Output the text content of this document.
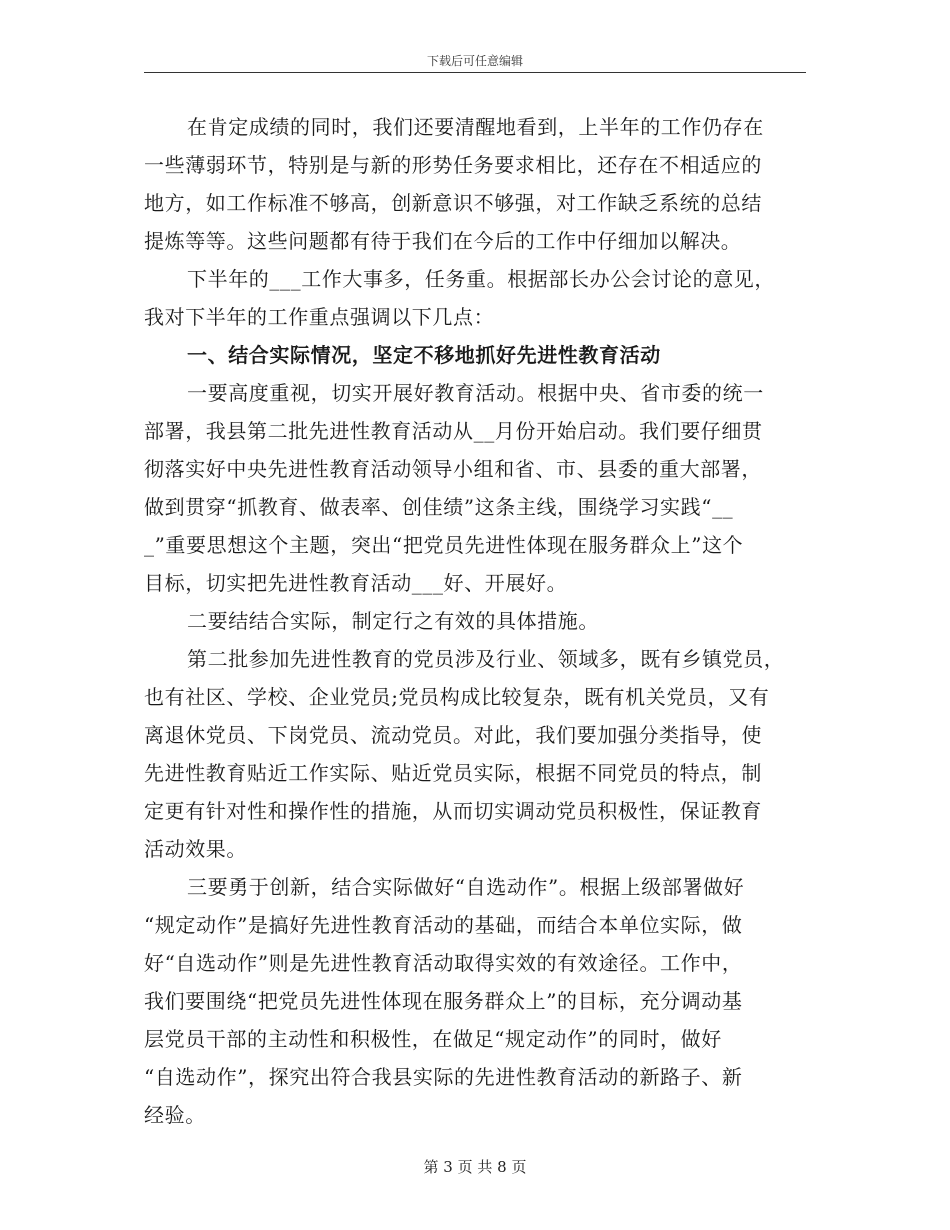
下载后可任意编辑
在肯定成绩的同时，我们还要清醒地看到，上半年的工作仍存在
一些薄弱环节，特别是与新的形势任务要求相比，还存在不相适应的
地方，如工作标准不够高，创新意识不够强，对工作缺乏系统的总结
提炼等等。这些问题都有待于我们在今后的工作中仔细加以解决。
下半年的___工作大事多，任务重。根据部长办公会讨论的意见，
我对下半年的工作重点强调以下几点：
一、结合实际情况，坚定不移地抓好先进性教育活动
一要高度重视，切实开展好教育活动。根据中央、省市委的统一
部署，我县第二批先进性教育活动从__月份开始启动。我们要仔细贯
彻落实好中央先进性教育活动领导小组和省、市、县委的重大部署，
做到贯穿“抓教育、做表率、创佳绩”这条主线，围绕学习实践“__
_”重要思想这个主题，突出“把党员先进性体现在服务群众上”这个
目标，切实把先进性教育活动___好、开展好。
二要结结合实际，制定行之有效的具体措施。
第二批参加先进性教育的党员涉及行业、领域多，既有乡镇党员，
也有社区、学校、企业党员;党员构成比较复杂，既有机关党员，又有
离退休党员、下岗党员、流动党员。对此，我们要加强分类指导，使
先进性教育贴近工作实际、贴近党员实际，根据不同党员的特点，制
定更有针对性和操作性的措施，从而切实调动党员积极性，保证教育
活动效果。
三要勇于创新，结合实际做好“自选动作”。根据上级部署做好
“规定动作”是搞好先进性教育活动的基础，而结合本单位实际，做
好“自选动作”则是先进性教育活动取得实效的有效途径。工作中，
我们要围绕“把党员先进性体现在服务群众上”的目标，充分调动基
层党员干部的主动性和积极性，在做足“规定动作”的同时，做好
“自选动作”，探究出符合我县实际的先进性教育活动的新路子、新
经验。
第 3 页 共 8 页
